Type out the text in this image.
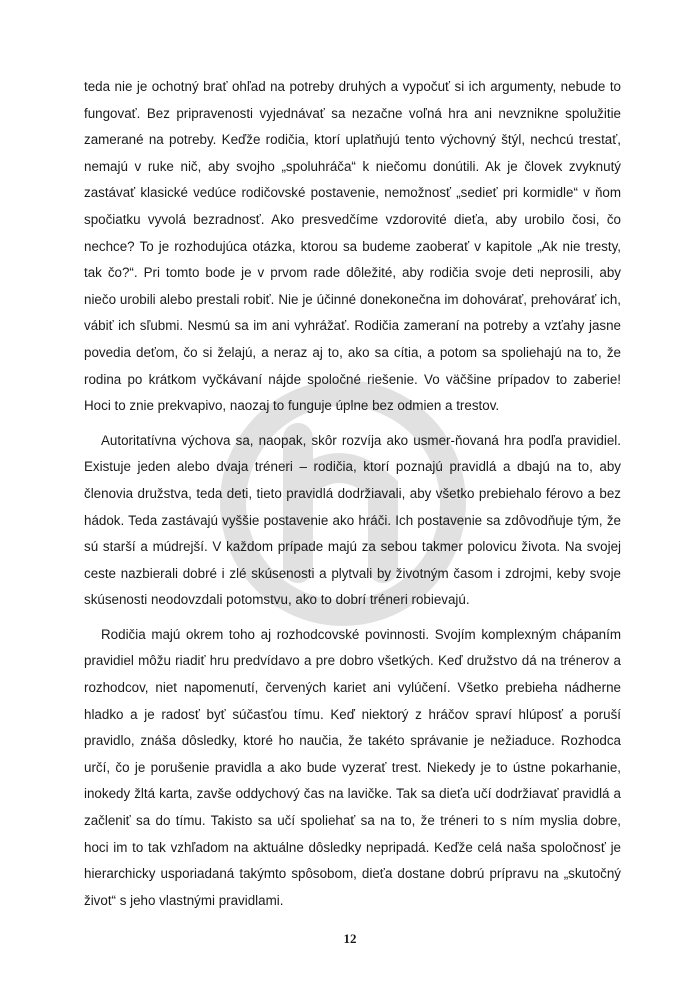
teda nie je ochotný brať ohľad na potreby druhých a vypočuť si ich argumenty, nebude to fungovať. Bez pripravenosti vyjednávať sa nezačne voľná hra ani nevznikne spolužitie zamerané na potreby. Keďže rodičia, ktorí uplatňujú tento výchovný štýl, nechcú trestať, nemajú v ruke nič, aby svojho „spoluhráča“ k niečomu donútili. Ak je človek zvyknutý zastávať klasické vedúce rodičovské postavenie, nemožnosť „sedieť pri kormidle“ v ňom spočiatku vyvolá bezradnosť. Ako presvedčíme vzdorovité dieťa, aby urobilo čosi, čo nechce? To je rozhodujúca otázka, ktorou sa budeme zaoberať v kapitole „Ak nie tresty, tak čo?“. Pri tomto bode je v prvom rade dôležité, aby rodičia svoje deti neprosili, aby niečo urobili alebo prestali robiť. Nie je účinné donekonečna im dohovárať, prehovárať ich, vábiť ich sľubmi. Nesmú sa im ani vyhrážať. Rodičia zameraní na potreby a vzťahy jasne povedia deťom, čo si želajú, a neraz aj to, ako sa cítia, a potom sa spoliehajú na to, že rodina po krátkom vyčkávaní nájde spoločné riešenie. Vo väčšine prípadov to zaberie! Hoci to znie prekvapivo, naozaj to funguje úplne bez odmien a trestov.

Autoritatívna výchova sa, naopak, skôr rozvíja ako usmer-ňovaná hra podľa pravidiel. Existuje jeden alebo dvaja tréneri – rodičia, ktorí poznajú pravidlá a dbajú na to, aby členovia družstva, teda deti, tieto pravidlá dodržiavali, aby všetko prebiehalo férovo a bez hádok. Teda zastávajú vyššie postavenie ako hráči. Ich postavenie sa zdôvodňuje tým, že sú starší a múdrejší. V každom prípade majú za sebou takmer polovicu života. Na svojej ceste nazbierali dobré i zlé skúsenosti a plytvali by životným časom i zdrojmi, keby svoje skúsenosti neodovzdali potomstvu, ako to dobrí tréneri robievajú.

Rodičia majú okrem toho aj rozhodcovské povinnosti. Svojím komplexným chápaním pravidiel môžu riadiť hru predvídavo a pre dobro všetkých. Keď družstvo dá na trénerov a rozhodcov, niet napomenutí, červených kariet ani vylúčení. Všetko prebieha nádherne hladko a je radosť byť súčasťou tímu. Keď niektorý z hráčov spraví hlúposť a poruší pravidlo, znáša dôsledky, ktoré ho naučia, že takéto správanie je nežiaduce. Rozhodca určí, čo je porušenie pravidla a ako bude vyzerať trest. Niekedy je to ústne pokarhanie, inokedy žltá karta, zavše oddychový čas na lavičke. Tak sa dieťa učí dodržiavať pravidlá a začleniť sa do tímu. Takisto sa učí spoliehať sa na to, že tréneri to s ním myslia dobre, hoci im to tak vzhľadom na aktuálne dôsledky nepripadá. Keďže celá naša spoločnosť je hierarchicky usporiadaná takýmto spôsobom, dieťa dostane dobrú prípravu na „skutočný život“ s jeho vlastnými pravidlami.

12
